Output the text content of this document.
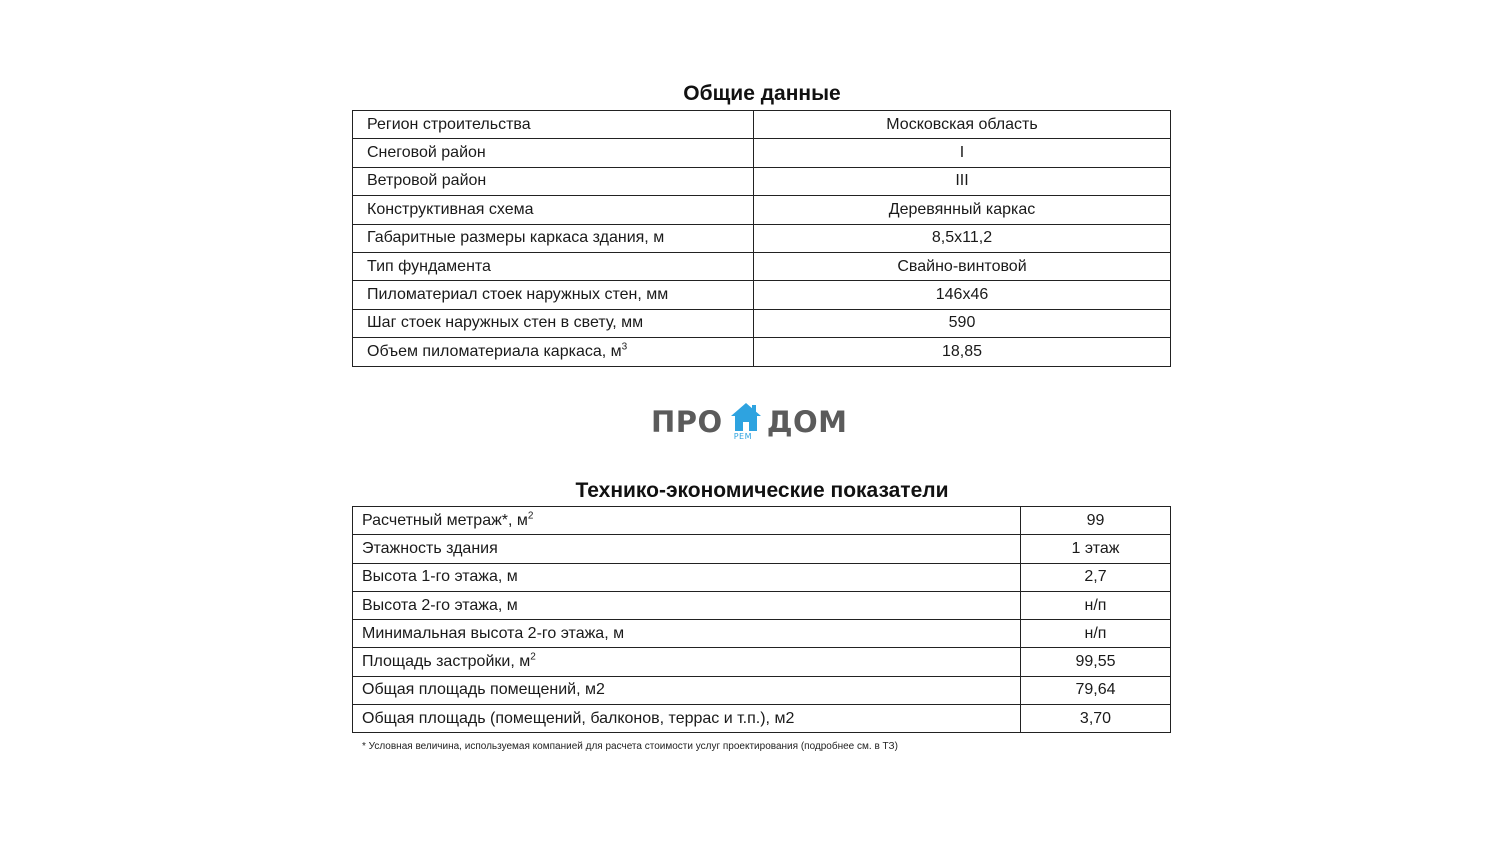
Общие данные
Регион строительства	Московская область
Снеговой район	I
Ветровой район	III
Конструктивная схема	Деревянный каркас
Габаритные размеры каркаса здания, м	8,5x11,2
Тип фундамента	Свайно-винтовой
Пиломатериал стоек наружных стен, мм	146x46
Шаг стоек наружных стен в свету, мм	590
Объем пиломатериала каркаса, $м^3$	18,85
ПРО РЕМ ДОМ
Технико-экономические показатели
Расчетный метраж*, $м^2$	99
Этажность здания	1 этаж
Высота 1-го этажа, м	2,7
Высота 2-го этажа, м	н/п
Минимальная высота 2-го этажа, м	н/п
Площадь застройки, $м^2$	99,55
Общая площадь помещений, м2	79,64
Общая площадь (помещений, балконов, террас и т.п.), м2	3,70
* Условная величина, используемая компанией для расчета стоимости услуг проектирования (подробнее см. в ТЗ)
